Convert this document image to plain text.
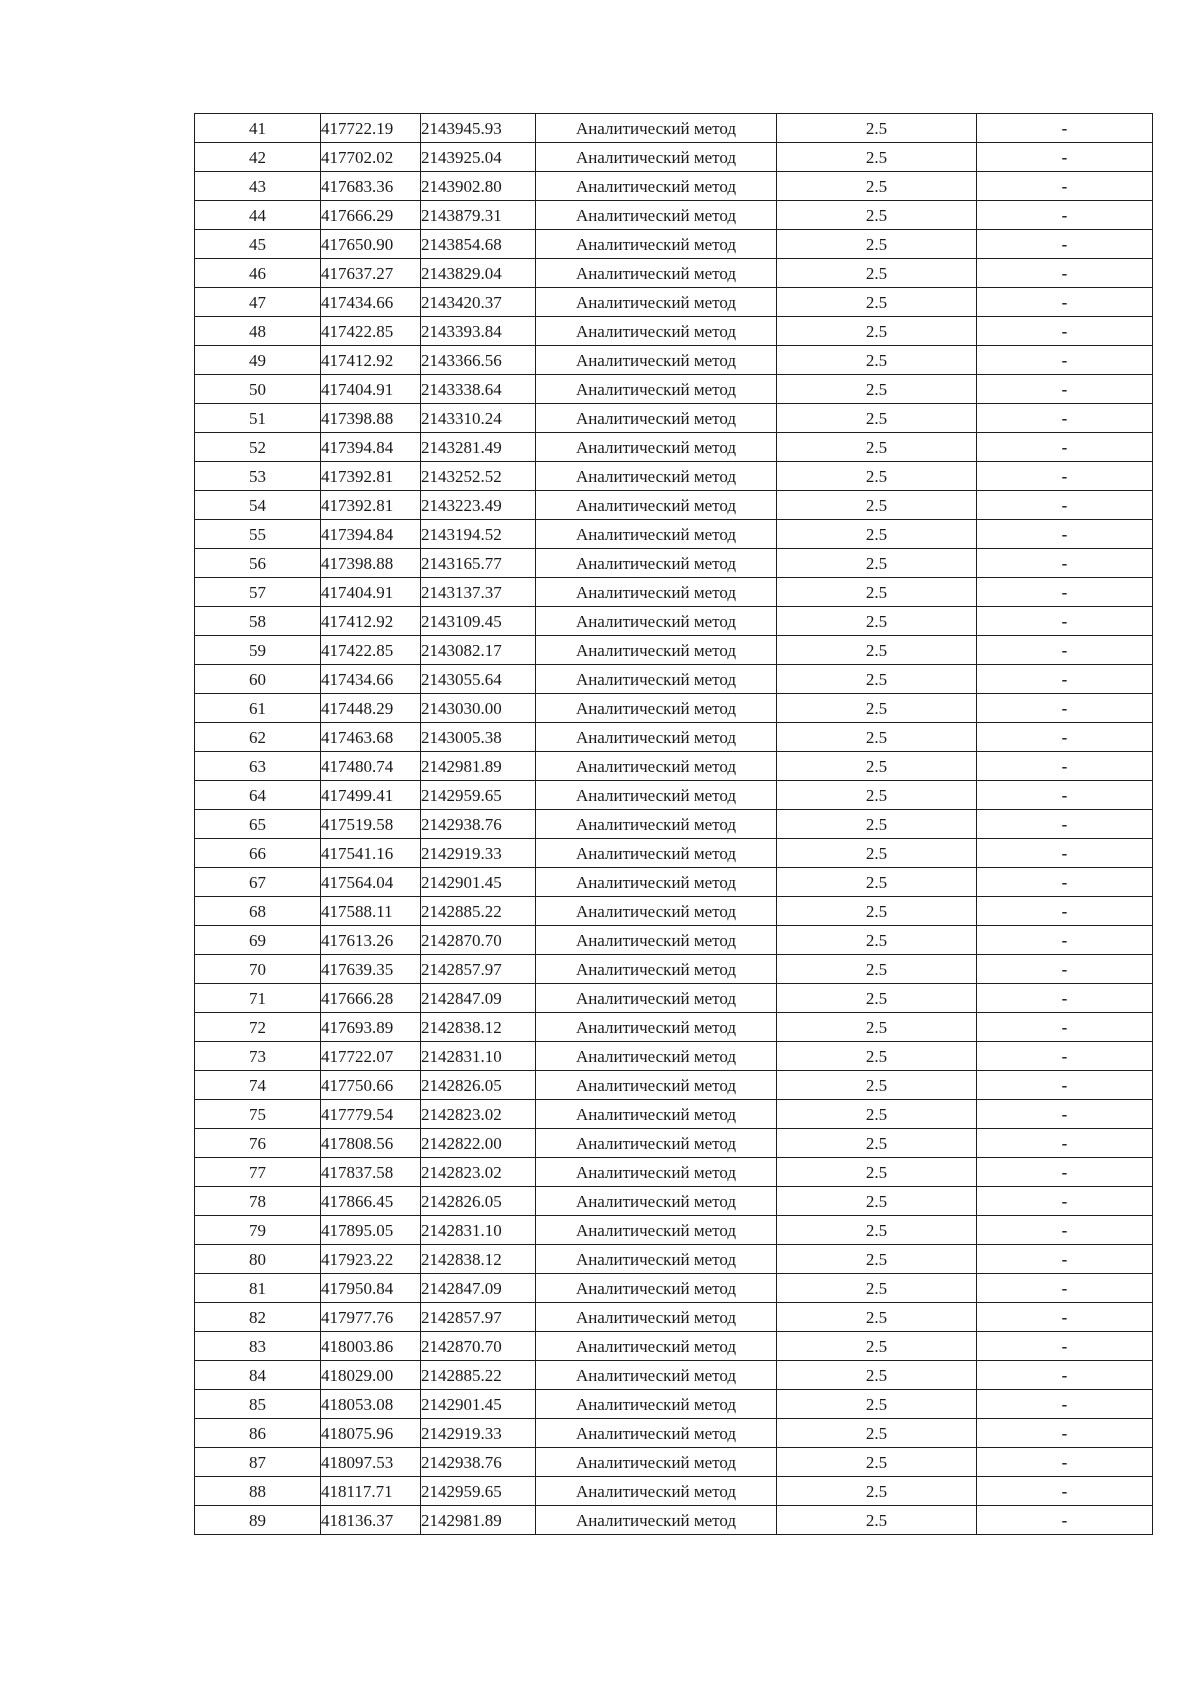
41	417722.19	2143945.93	Аналитический метод	2.5	-
42	417702.02	2143925.04	Аналитический метод	2.5	-
43	417683.36	2143902.80	Аналитический метод	2.5	-
44	417666.29	2143879.31	Аналитический метод	2.5	-
45	417650.90	2143854.68	Аналитический метод	2.5	-
46	417637.27	2143829.04	Аналитический метод	2.5	-
47	417434.66	2143420.37	Аналитический метод	2.5	-
48	417422.85	2143393.84	Аналитический метод	2.5	-
49	417412.92	2143366.56	Аналитический метод	2.5	-
50	417404.91	2143338.64	Аналитический метод	2.5	-
51	417398.88	2143310.24	Аналитический метод	2.5	-
52	417394.84	2143281.49	Аналитический метод	2.5	-
53	417392.81	2143252.52	Аналитический метод	2.5	-
54	417392.81	2143223.49	Аналитический метод	2.5	-
55	417394.84	2143194.52	Аналитический метод	2.5	-
56	417398.88	2143165.77	Аналитический метод	2.5	-
57	417404.91	2143137.37	Аналитический метод	2.5	-
58	417412.92	2143109.45	Аналитический метод	2.5	-
59	417422.85	2143082.17	Аналитический метод	2.5	-
60	417434.66	2143055.64	Аналитический метод	2.5	-
61	417448.29	2143030.00	Аналитический метод	2.5	-
62	417463.68	2143005.38	Аналитический метод	2.5	-
63	417480.74	2142981.89	Аналитический метод	2.5	-
64	417499.41	2142959.65	Аналитический метод	2.5	-
65	417519.58	2142938.76	Аналитический метод	2.5	-
66	417541.16	2142919.33	Аналитический метод	2.5	-
67	417564.04	2142901.45	Аналитический метод	2.5	-
68	417588.11	2142885.22	Аналитический метод	2.5	-
69	417613.26	2142870.70	Аналитический метод	2.5	-
70	417639.35	2142857.97	Аналитический метод	2.5	-
71	417666.28	2142847.09	Аналитический метод	2.5	-
72	417693.89	2142838.12	Аналитический метод	2.5	-
73	417722.07	2142831.10	Аналитический метод	2.5	-
74	417750.66	2142826.05	Аналитический метод	2.5	-
75	417779.54	2142823.02	Аналитический метод	2.5	-
76	417808.56	2142822.00	Аналитический метод	2.5	-
77	417837.58	2142823.02	Аналитический метод	2.5	-
78	417866.45	2142826.05	Аналитический метод	2.5	-
79	417895.05	2142831.10	Аналитический метод	2.5	-
80	417923.22	2142838.12	Аналитический метод	2.5	-
81	417950.84	2142847.09	Аналитический метод	2.5	-
82	417977.76	2142857.97	Аналитический метод	2.5	-
83	418003.86	2142870.70	Аналитический метод	2.5	-
84	418029.00	2142885.22	Аналитический метод	2.5	-
85	418053.08	2142901.45	Аналитический метод	2.5	-
86	418075.96	2142919.33	Аналитический метод	2.5	-
87	418097.53	2142938.76	Аналитический метод	2.5	-
88	418117.71	2142959.65	Аналитический метод	2.5	-
89	418136.37	2142981.89	Аналитический метод	2.5	-
